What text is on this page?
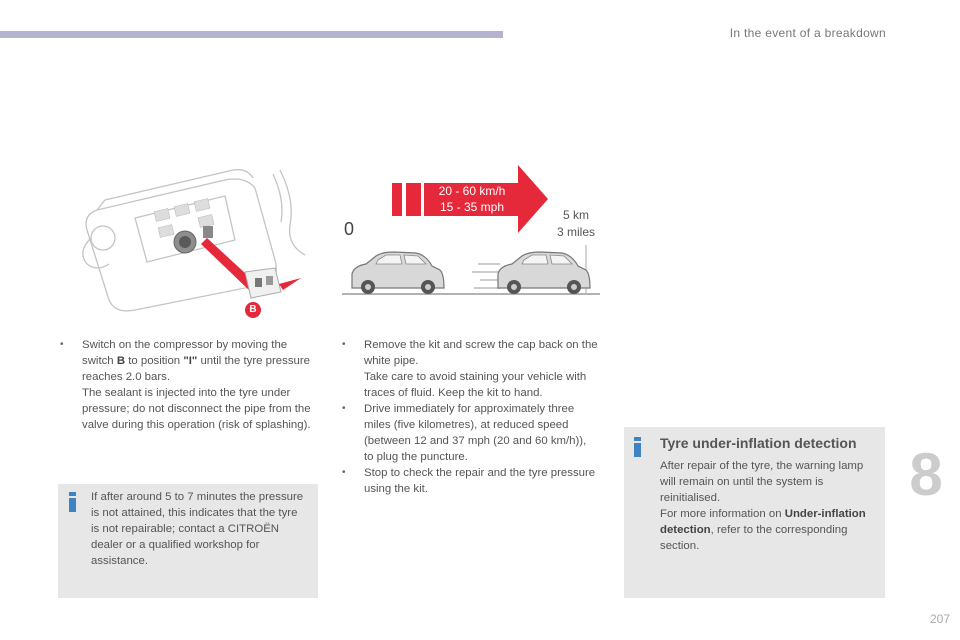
In the event of a breakdown
B
20 - 60 km/h
15 - 35 mph
0
5 km
3 miles
• Switch on the compressor by moving the switch B to position "I" until the tyre pressure reaches 2.0 bars.

The sealant is injected into the tyre under pressure; do not disconnect the pipe from the valve during this operation (risk of splashing).

If after around 5 to 7 minutes the pressure is not attained, this indicates that the tyre is not repairable; contact a CITROËN dealer or a qualified workshop for assistance.
• Remove the kit and screw the cap back on the white pipe.

Take care to avoid staining your vehicle with traces of fluid. Keep the kit to hand.

• Drive immediately for approximately three miles (five kilometres), at reduced speed (between 12 and 37 mph (20 and 60 km/h)), to plug the puncture.

• Stop to check the repair and the tyre pressure using the kit.

Tyre under-inflation detection

After repair of the tyre, the warning lamp will remain on until the system is reinitialised.

For more information on Under-inflation detection, refer to the corresponding section.

8
207
